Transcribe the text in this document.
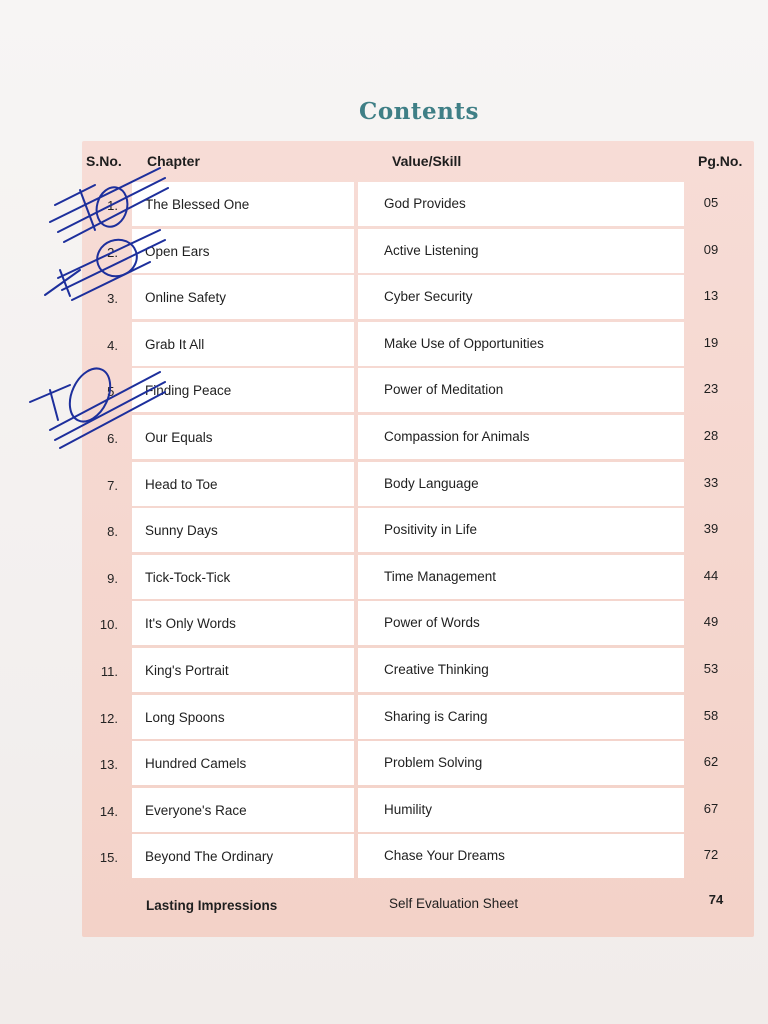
Contents
S.No. Chapter	Value/Skill	Pg.No.
1. The Blessed One	God Provides	05
2. Open Ears	Active Listening	09
3. Online Safety	Cyber Security	13
4. Grab It All	Make Use of Opportunities	19
5. Finding Peace	Power of Meditation	23
6. Our Equals	Compassion for Animals	28
7. Head to Toe	Body Language	33
8. Sunny Days	Positivity in Life	39
9. Tick-Tock-Tick	Time Management	44
10. It's Only Words	Power of Words	49
11. King's Portrait	Creative Thinking	53
12. Long Spoons	Sharing is Caring	58
13. Hundred Camels	Problem Solving	62
14. Everyone's Race	Humility	67
15. Beyond The Ordinary	Chase Your Dreams	72
Lasting Impressions	Self Evaluation Sheet	74
